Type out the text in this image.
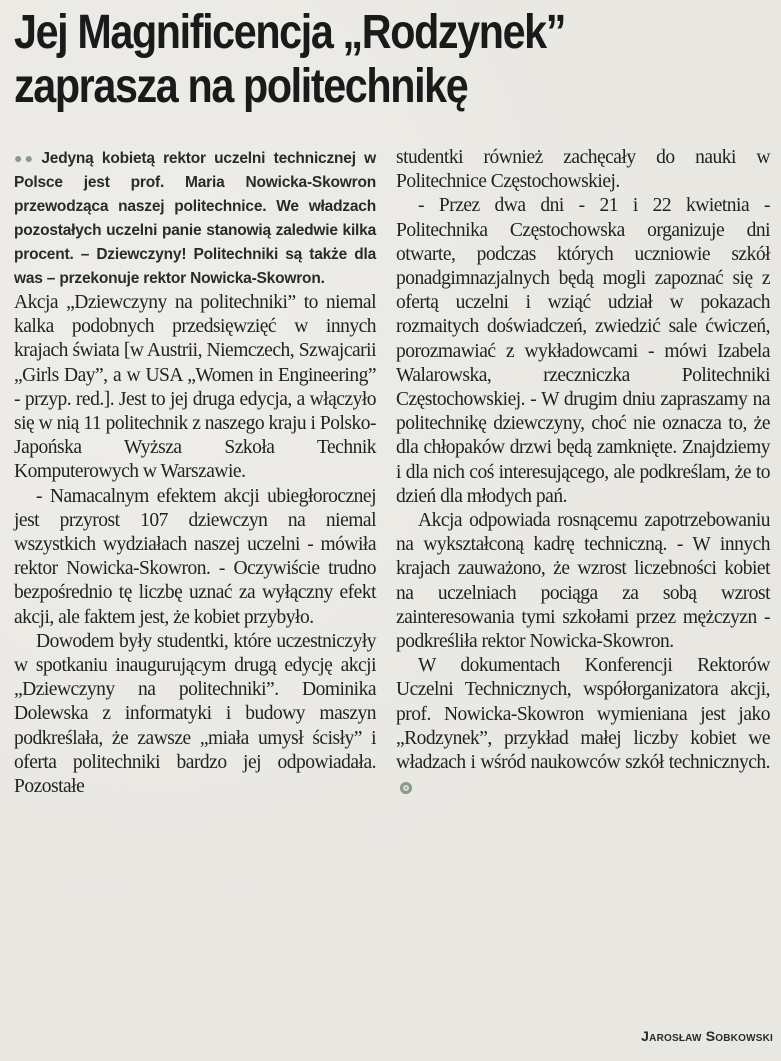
Jej Magnificencja „Rodzynek”
zaprasza na politechnikę

●● Jedyną kobietą rektor uczelni technicznej w Polsce jest prof. Maria Nowicka-Skowron przewodząca naszej politechnice. We władzach pozostałych uczelni panie stanowią zaledwie kilka procent. – Dziewczyny! Politechniki są także dla was – przekonuje rektor Nowicka-Skowron.

Akcja „Dziewczyny na politechniki” to niemal kalka podobnych przedsięwzięć w innych krajach świata [w Austrii, Niemczech, Szwajcarii „Girls Day”, a w USA „Women in Engineering” - przyp. red.]. Jest to jej druga edycja, a włączyło się w nią 11 politechnik z naszego kraju i Polsko-Japońska Wyższa Szkoła Technik Komputerowych w Warszawie.

- Namacalnym efektem akcji ubiegłorocznej jest przyrost 107 dziewczyn na niemal wszystkich wydziałach naszej uczelni - mówiła rektor Nowicka-Skowron. - Oczywiście trudno bezpośrednio tę liczbę uznać za wyłączny efekt akcji, ale faktem jest, że kobiet przybyło.

Dowodem były studentki, które uczestniczyły w spotkaniu inaugurującym drugą edycję akcji „Dziewczyny na politechniki”. Dominika Dolewska z informatyki i budowy maszyn podkreślała, że zawsze „miała umysł ścisły” i oferta politechniki bardzo jej odpowiadała. Pozostałe

studentki również zachęcały do nauki w Politechnice Częstochowskiej.

- Przez dwa dni - 21 i 22 kwietnia - Politechnika Częstochowska organizuje dni otwarte, podczas których uczniowie szkół ponadgimnazjalnych będą mogli zapoznać się z ofertą uczelni i wziąć udział w pokazach rozmaitych doświadczeń, zwiedzić sale ćwiczeń, porozmawiać z wykładowcami - mówi Izabela Walarowska, rzeczniczka Politechniki Częstochowskiej. - W drugim dniu zapraszamy na politechnikę dziewczyny, choć nie oznacza to, że dla chłopaków drzwi będą zamknięte. Znajdziemy i dla nich coś interesującego, ale podkreślam, że to dzień dla młodych pań.

Akcja odpowiada rosnącemu zapotrzebowaniu na wykształconą kadrę techniczną. - W innych krajach zauważono, że wzrost liczebności kobiet na uczelniach pociąga za sobą wzrost zainteresowania tymi szkołami przez mężczyzn - podkreśliła rektor Nowicka-Skowron.

W dokumentach Konferencji Rektorów Uczelni Technicznych, współorganizatora akcji, prof. Nowicka-Skowron wymieniana jest jako „Rodzynek”, przykład małej liczby kobiet we władzach i wśród naukowców szkół technicznych.

Jarosław Sobkowski
